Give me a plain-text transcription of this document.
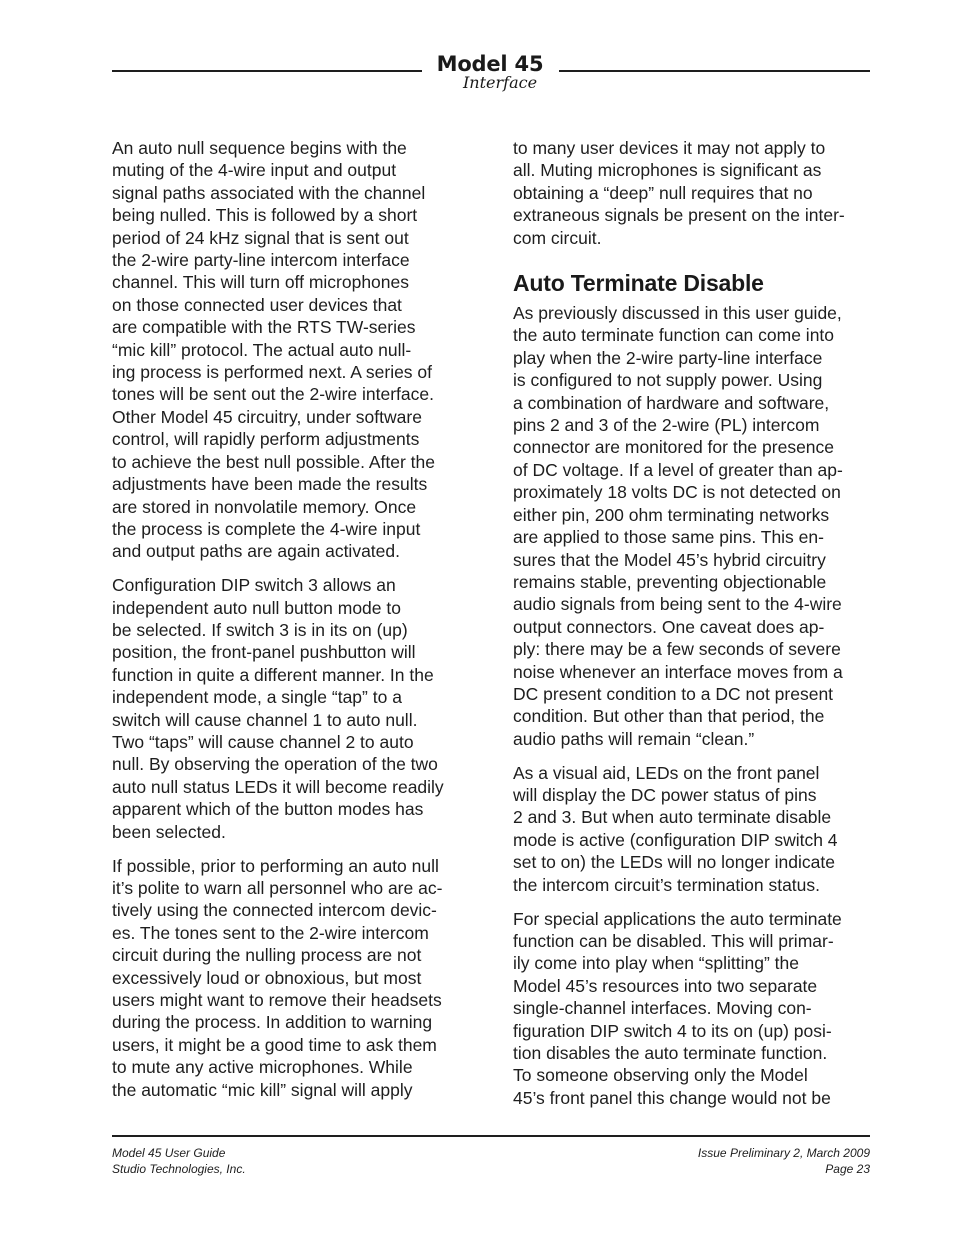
Model 45
Interface

An auto null sequence begins with the
muting of the 4-wire input and output
signal paths associated with the channel
being nulled. This is followed by a short
period of 24 kHz signal that is sent out
the 2-wire party-line intercom interface
channel. This will turn off microphones
on those connected user devices that
are compatible with the RTS TW-series
“mic kill” protocol. The actual auto null-
ing process is performed next. A series of
tones will be sent out the 2-wire interface.
Other Model 45 circuitry, under software
control, will rapidly perform adjustments
to achieve the best null possible. After the
adjustments have been made the results
are stored in nonvolatile memory. Once
the process is complete the 4-wire input
and output paths are again activated.

Configuration DIP switch 3 allows an
independent auto null button mode to
be selected. If switch 3 is in its on (up)
position, the front-panel pushbutton will
function in quite a different manner. In the
independent mode, a single “tap” to a
switch will cause channel 1 to auto null.
Two “taps” will cause channel 2 to auto
null. By observing the operation of the two
auto null status LEDs it will become readily
apparent which of the button modes has
been selected.

If possible, prior to performing an auto null
it’s polite to warn all personnel who are ac-
tively using the connected intercom devic-
es. The tones sent to the 2-wire intercom
circuit during the nulling process are not
excessively loud or obnoxious, but most
users might want to remove their headsets
during the process. In addition to warning
users, it might be a good time to ask them
to mute any active microphones. While
the automatic “mic kill” signal will apply

to many user devices it may not apply to
all. Muting microphones is significant as
obtaining a “deep” null requires that no
extraneous signals be present on the inter-
com circuit.

Auto Terminate Disable

As previously discussed in this user guide,
the auto terminate function can come into
play when the 2-wire party-line interface
is configured to not supply power. Using
a combination of hardware and software,
pins 2 and 3 of the 2-wire (PL) intercom
connector are monitored for the presence
of DC voltage. If a level of greater than ap-
proximately 18 volts DC is not detected on
either pin, 200 ohm terminating networks
are applied to those same pins. This en-
sures that the Model 45’s hybrid circuitry
remains stable, preventing objectionable
audio signals from being sent to the 4-wire
output connectors. One caveat does ap-
ply: there may be a few seconds of severe
noise whenever an interface moves from a
DC present condition to a DC not present
condition. But other than that period, the
audio paths will remain “clean.”

As a visual aid, LEDs on the front panel
will display the DC power status of pins
2 and 3. But when auto terminate disable
mode is active (configuration DIP switch 4
set to on) the LEDs will no longer indicate
the intercom circuit’s termination status.

For special applications the auto terminate
function can be disabled. This will primar-
ily come into play when “splitting” the
Model 45’s resources into two separate
single-channel interfaces. Moving con-
figuration DIP switch 4 to its on (up) posi-
tion disables the auto terminate function.
To someone observing only the Model
45’s front panel this change would not be

Model 45 User Guide
Studio Technologies, Inc.
Issue Preliminary 2, March 2009
Page 23
